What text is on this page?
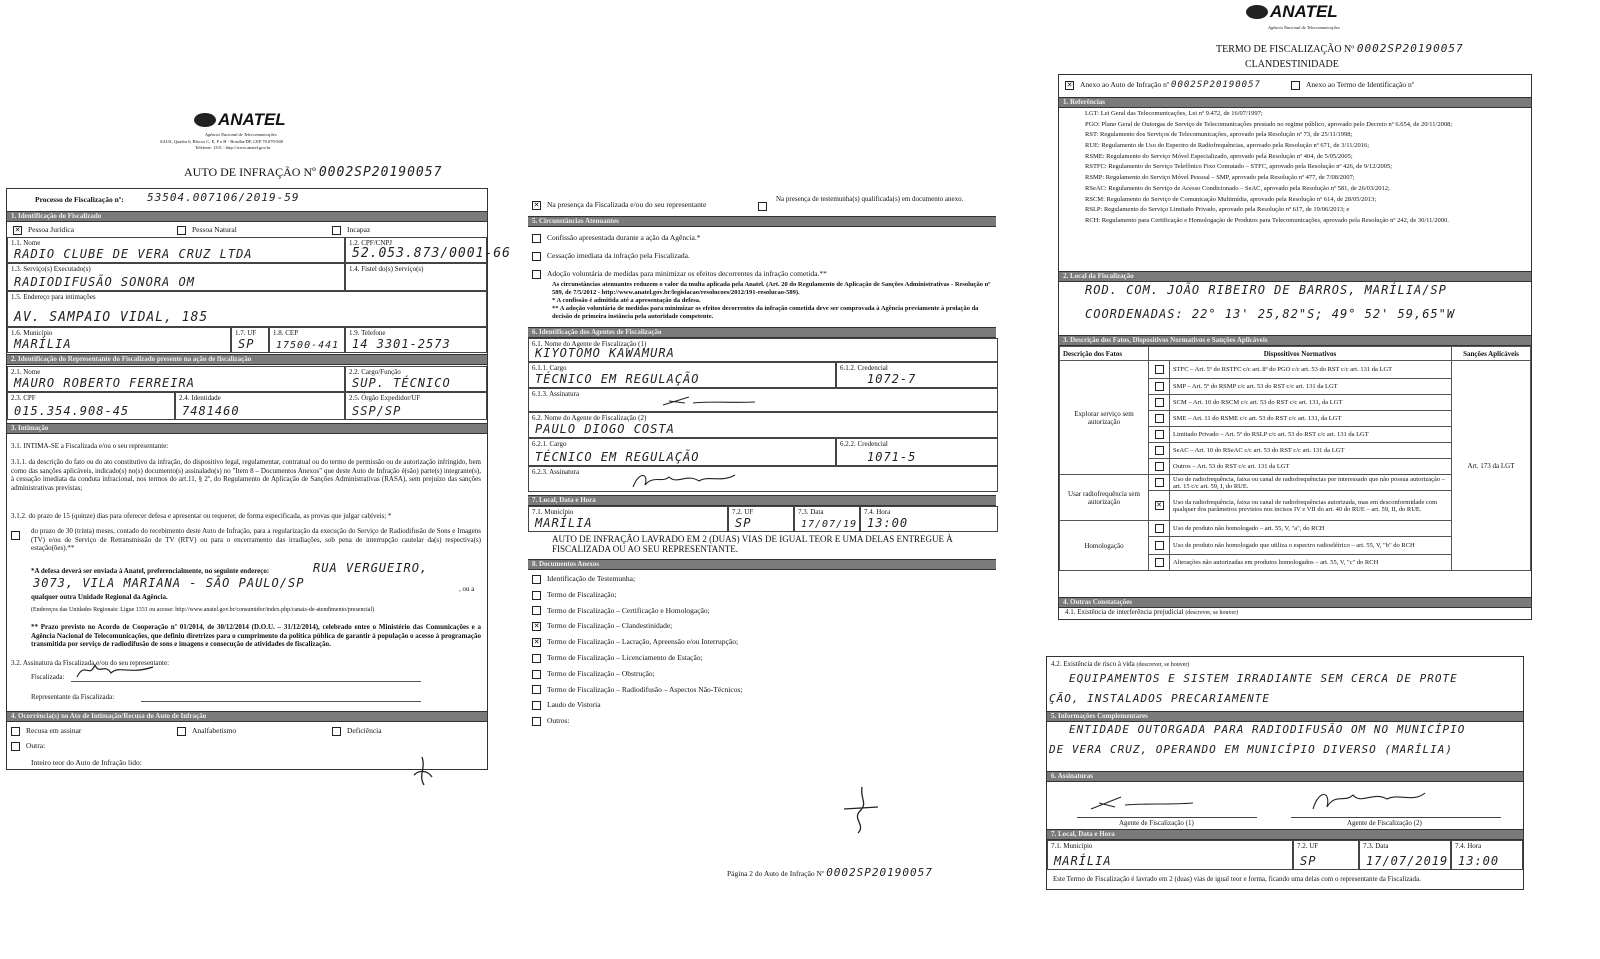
ANATEL
Agência Nacional de Telecomunicações
SAUS, Quadra 6, Blocos C, E, F e H - Brasília/DF, CEP 70.070-940
Telefone: 1331 - http://www.anatel.gov.br
AUTO DE INFRAÇÃO Nº 0002SP20190057
Processo de Fiscalização nº: 53504.007106/2019-59
1. Identificação do Fiscalizado
✕ Pessoa Jurídica	Pessoa Natural	Incapaz
1.1. Nome
RADIO CLUBE DE VERA CRUZ LTDA
1.2. CPF/CNPJ
52.053.873/0001-66
1.3. Serviço(s) Executado(s)
RADIODIFUSÃO SONORA OM
1.4. Fistel do(s) Serviço(s)
1.5. Endereço para intimações
AV. SAMPAIO VIDAL, 185
1.6. Município
MARÍLIA
1.7. UF
SP
1.8. CEP
17500-441
1.9. Telefone
14 3301-2573
2. Identificação do Representante do Fiscalizado presente na ação de fiscalização
2.1. Nome
MAURO ROBERTO FERREIRA
2.2. Cargo/Função
SUP. TÉCNICO
2.3. CPF
015.354.908-45
2.4. Identidade
7481460
2.5. Órgão Expedidor/UF
SSP/SP
3. Intimação
3.1. INTIMA-SE a Fiscalizada e/ou o seu representante:
3.1.1. da descrição do fato ou do ato constitutivo da infração, do dispositivo legal, regulamentar, contratual ou do termo de permissão ou de autorização infringido, bem como das sanções aplicáveis, indicado(s) no(s) documento(s) assinalado(s) no "Item 8 – Documentos Anexos" que deste Auto de Infração é(são) parte(s) integrante(s), à cessação imediata da conduta infracional, nos termos do art.11, § 2º, do Regulamento de Aplicação de Sanções Administrativas (RASA), sem prejuízo das sanções administrativas previstas;
3.1.2. do prazo de 15 (quinze) dias para oferecer defesa e apresentar ou requerer, de forma especificada, as provas que julgar cabíveis; *
do prazo de 30 (trinta) meses, contado do recebimento deste Auto de Infração, para a regularização da execução do Serviço de Radiodifusão de Sons e Imagens (TV) e/ou de Serviço de Retransmissão de TV (RTV) ou para o encerramento das irradiações, sob pena de interrupção cautelar da(s) respectiva(s) estação(ões).**
*A defesa deverá ser enviada à Anatel, preferencialmente, no seguinte endereço:	RUA VERGUEIRO,
3073, VILA MARIANA - SÃO PAULO/SP	, ou a
qualquer outra Unidade Regional da Agência.
(Endereços das Unidades Regionais: Ligue 1331 ou acesse: http://www.anatel.gov.br/consumidor/index.php/canais-de-atendimento/presencial)
** Prazo previsto no Acordo de Cooperação nº 01/2014, de 30/12/2014 (D.O.U. – 31/12/2014), celebrado entre o Ministério das Comunicações e a Agência Nacional de Telecomunicações, que definiu diretrizes para o cumprimento da política pública de garantir à população o acesso à programação transmitida por serviço de radiodifusão de sons e imagens e consecução de atividades de fiscalização.
3.2. Assinatura da Fiscalizada e/ou do seu representante:
Fiscalizada:
Representante da Fiscalizada:
4. Ocorrência(s) no Ato de Intimação/Recusa do Auto de Infração
Recusa em assinar	Analfabetismo	Deficiência
Outra:
Inteiro teor do Auto de Infração lido:
✕ Na presença da Fiscalizada e/ou do seu representante
Na presença de testemunha(s) qualificada(s) em documento anexo.
5. Circunstâncias Atenuantes
Confissão apresentada durante a ação da Agência.*
Cessação imediata da infração pela Fiscalizada.
Adoção voluntária de medidas para minimizar os efeitos decorrentes da infração cometida.**
As circunstâncias atenuantes reduzem o valor da multa aplicada pela Anatel. (Art. 20 do Regulamento de Aplicação de Sanções Administrativas - Resolução nº 589, de 7/5/2012 - http://www.anatel.gov.br/legislacao/resolucoes/2012/191-resolucao-589).
* A confissão é admitida até a apresentação da defesa.
** A adoção voluntária de medidas para minimizar os efeitos decorrentes da infração cometida deve ser comprovada à Agência previamente à prolação da decisão de primeira instância pela autoridade competente.
6. Identificação dos Agentes de Fiscalização
6.1. Nome do Agente de Fiscalização (1)
KIYOTOMO KAWAMURA
6.1.1. Cargo
TÉCNICO EM REGULAÇÃO
6.1.2. Credencial
1072-7
6.1.3. Assinatura
6.2. Nome do Agente de Fiscalização (2)
PAULO DIOGO COSTA
6.2.1. Cargo
TÉCNICO EM REGULAÇÃO
6.2.2. Credencial
1071-5
6.2.3. Assinatura
7. Local, Data e Hora
7.1. Município
MARÍLIA
7.2. UF
SP
7.3. Data
17/07/19
7.4. Hora
13:00
AUTO DE INFRAÇÃO LAVRADO EM 2 (DUAS) VIAS DE IGUAL TEOR E UMA DELAS ENTREGUE À FISCALIZADA OU AO SEU REPRESENTANTE.
8. Documentos Anexos
Identificação de Testemunha;
Termo de Fiscalização;
Termo de Fiscalização – Certificação e Homologação;
✕ Termo de Fiscalização – Clandestinidade;
✕ Termo de Fiscalização – Lacração, Apreensão e/ou Interrupção;
Termo de Fiscalização – Licenciamento de Estação;
Termo de Fiscalização – Obstrução;
Termo de Fiscalização – Radiodifusão – Aspectos Não-Técnicos;
Laudo de Vistoria
Outros:
Página 2 do Auto de Infração Nº 0002SP20190057
ANATEL
Agência Nacional de Telecomunicações
TERMO DE FISCALIZAÇÃO Nº 0002SP20190057
CLANDESTINIDADE
✕ Anexo ao Auto de Infração nº 0002SP20190057	Anexo ao Termo de Identificação nº
1. Referências
LGT: Lei Geral das Telecomunicações, Lei nº 9.472, de 16/07/1997;
PGO: Plano Geral de Outorgas de Serviço de Telecomunicações prestado no regime público, aprovado pelo Decreto nº 6.654, de 20/11/2008;
RST: Regulamento dos Serviços de Telecomunicações, aprovado pela Resolução nº 73, de 25/11/1998;
RUE: Regulamento de Uso do Espectro de Radiofrequências, aprovado pela Resolução nº 671, de 3/11/2016;
RSME: Regulamento do Serviço Móvel Especializado, aprovado pela Resolução nº 404, de 5/05/2005;
RSTFC: Regulamento do Serviço Telefônico Fixo Comutado – STFC, aprovado pela Resolução nº 426, de 9/12/2005;
RSMP: Regulamento do Serviço Móvel Pessoal – SMP, aprovado pela Resolução nº 477, de 7/08/2007;
RSeAC: Regulamento do Serviço de Acesso Condicionado – SeAC, aprovado pela Resolução nº 581, de 26/03/2012;
RSCM: Regulamento do Serviço de Comunicação Multimídia, aprovado pela Resolução nº 614, de 28/05/2013;
RSLP: Regulamento do Serviço Limitado Privado, aprovado pela Resolução nº 617, de 19/06/2013; e
RCH: Regulamento para Certificação e Homologação de Produtos para Telecomunicações, aprovado pela Resolução nº 242, de 30/11/2000.
2. Local da Fiscalização
ROD. COM. JOÃO RIBEIRO DE BARROS, MARÍLIA/SP
COORDENADAS: 22° 13' 25,82"S; 49° 52' 59,65"W
3. Descrição dos Fatos, Dispositivos Normativos e Sanções Aplicáveis
Descrição dos Fatos	Dispositivos Normativos		Sanções Aplicáveis
Explorar serviço sem autorização		STFC – Art. 5º do RSTFC c/c art. 8º do PGO c/c art. 53 do RST c/c art. 131 da LGT	Art. 173 da LGT
		SMP – Art. 5º do RSMP c/c art. 53 do RST c/c art. 131 da LGT	
		SCM – Art. 10 do RSCM c/c art. 53 do RST c/c art. 131, da LGT	
		SME – Art. 11 do RSME c/c art. 53 do RST c/c art. 131, da LGT	
		Limitado Privado – Art. 5º do RSLP c/c art. 53 do RST c/c art. 131 da LGT	
		SeAC – Art. 10 do RSeAC c/c art. 53 do RST c/c art. 131 da LGT	
		Outros – Art. 53 do RST c/c art. 131 da LGT	
Usar radiofrequência sem autorização		Uso de radiofrequência, faixa ou canal de radiofrequências por interessado que não possua autorização – art. 15 c/c art. 59, I, do RUE.	
	✕	Uso da radiofrequência, faixa ou canal de radiofrequências autorizada, mas em desconformidade com qualquer dos parâmetros previstos nos incisos IV e VII do art. 40 do RUE – art. 59, II, do RUE.	
Homologação		Uso de produto não homologado – art. 55, V, "a", do RCH	
		Uso de produto não homologado que utiliza o espectro radioelétrico – art. 55, V, "b" do RCH	
		Alterações não autorizadas em produtos homologados – art. 55, V, "c" do RCH	
4. Outras Constatações
4.1. Existência de interferência prejudicial (descrever, se houver)
4.2. Existência de risco à vida (descrever, se houver)
EQUIPAMENTOS E SISTEM IRRADIANTE SEM CERCA DE PROTE
ÇÃO, INSTALADOS PRECARIAMENTE
5. Informações Complementares
ENTIDADE OUTORGADA PARA RADIODIFUSÃO OM NO MUNICÍPIO
DE VERA CRUZ, OPERANDO EM MUNICÍPIO DIVERSO (MARÍLIA)
6. Assinaturas
Agente de Fiscalização (1)	Agente de Fiscalização (2)
7. Local, Data e Hora
7.1. Município
MARÍLIA
7.2. UF
SP
7.3. Data
17/07/2019
7.4. Hora
13:00
Este Termo de Fiscalização é lavrado em 2 (duas) vias de igual teor e forma, ficando uma delas com o representante da Fiscalizada.
